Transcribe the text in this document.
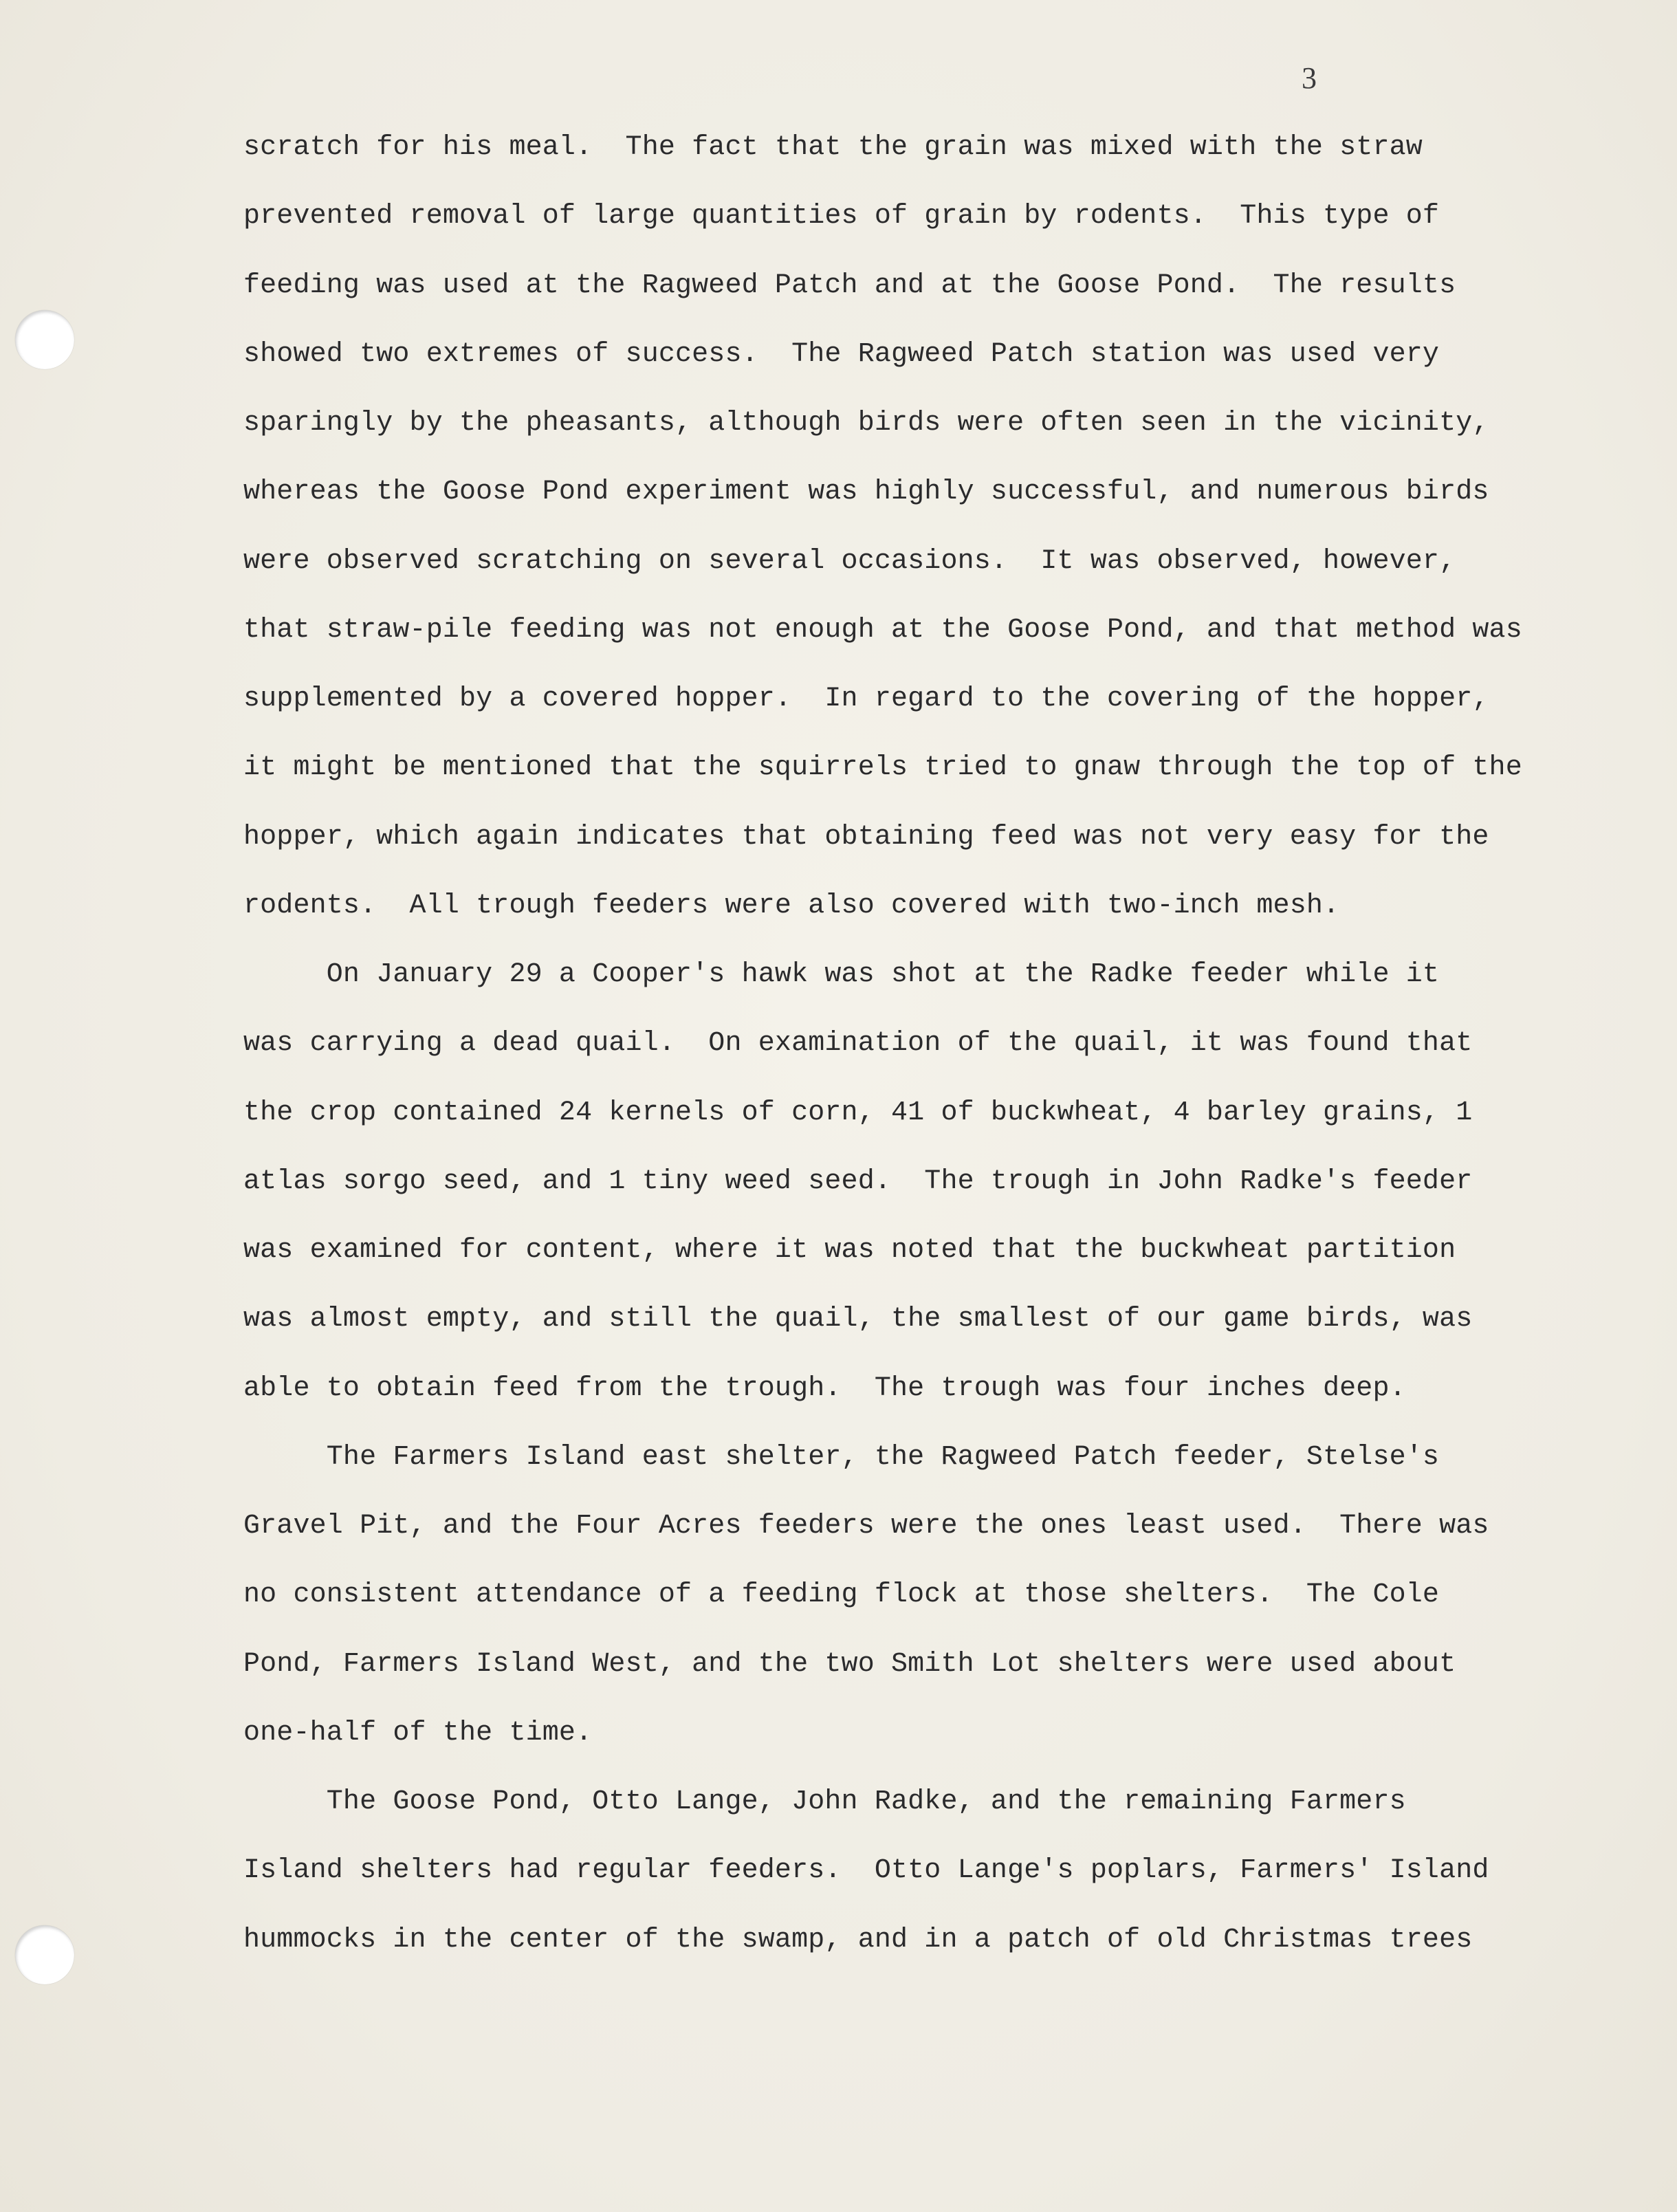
3
scratch for his meal.  The fact that the grain was mixed with the straw
prevented removal of large quantities of grain by rodents.  This type of
feeding was used at the Ragweed Patch and at the Goose Pond.  The results
showed two extremes of success.  The Ragweed Patch station was used very
sparingly by the pheasants, although birds were often seen in the vicinity,
whereas the Goose Pond experiment was highly successful, and numerous birds
were observed scratching on several occasions.  It was observed, however,
that straw-pile feeding was not enough at the Goose Pond, and that method was
supplemented by a covered hopper.  In regard to the covering of the hopper,
it might be mentioned that the squirrels tried to gnaw through the top of the
hopper, which again indicates that obtaining feed was not very easy for the
rodents.  All trough feeders were also covered with two-inch mesh.
On January 29 a Cooper's hawk was shot at the Radke feeder while it
was carrying a dead quail.  On examination of the quail, it was found that
the crop contained 24 kernels of corn, 41 of buckwheat, 4 barley grains, 1
atlas sorgo seed, and 1 tiny weed seed.  The trough in John Radke's feeder
was examined for content, where it was noted that the buckwheat partition
was almost empty, and still the quail, the smallest of our game birds, was
able to obtain feed from the trough.  The trough was four inches deep.
The Farmers Island east shelter, the Ragweed Patch feeder, Stelse's
Gravel Pit, and the Four Acres feeders were the ones least used.  There was
no consistent attendance of a feeding flock at those shelters.  The Cole
Pond, Farmers Island West, and the two Smith Lot shelters were used about
one-half of the time.
The Goose Pond, Otto Lange, John Radke, and the remaining Farmers
Island shelters had regular feeders.  Otto Lange's poplars, Farmers' Island
hummocks in the center of the swamp, and in a patch of old Christmas trees
